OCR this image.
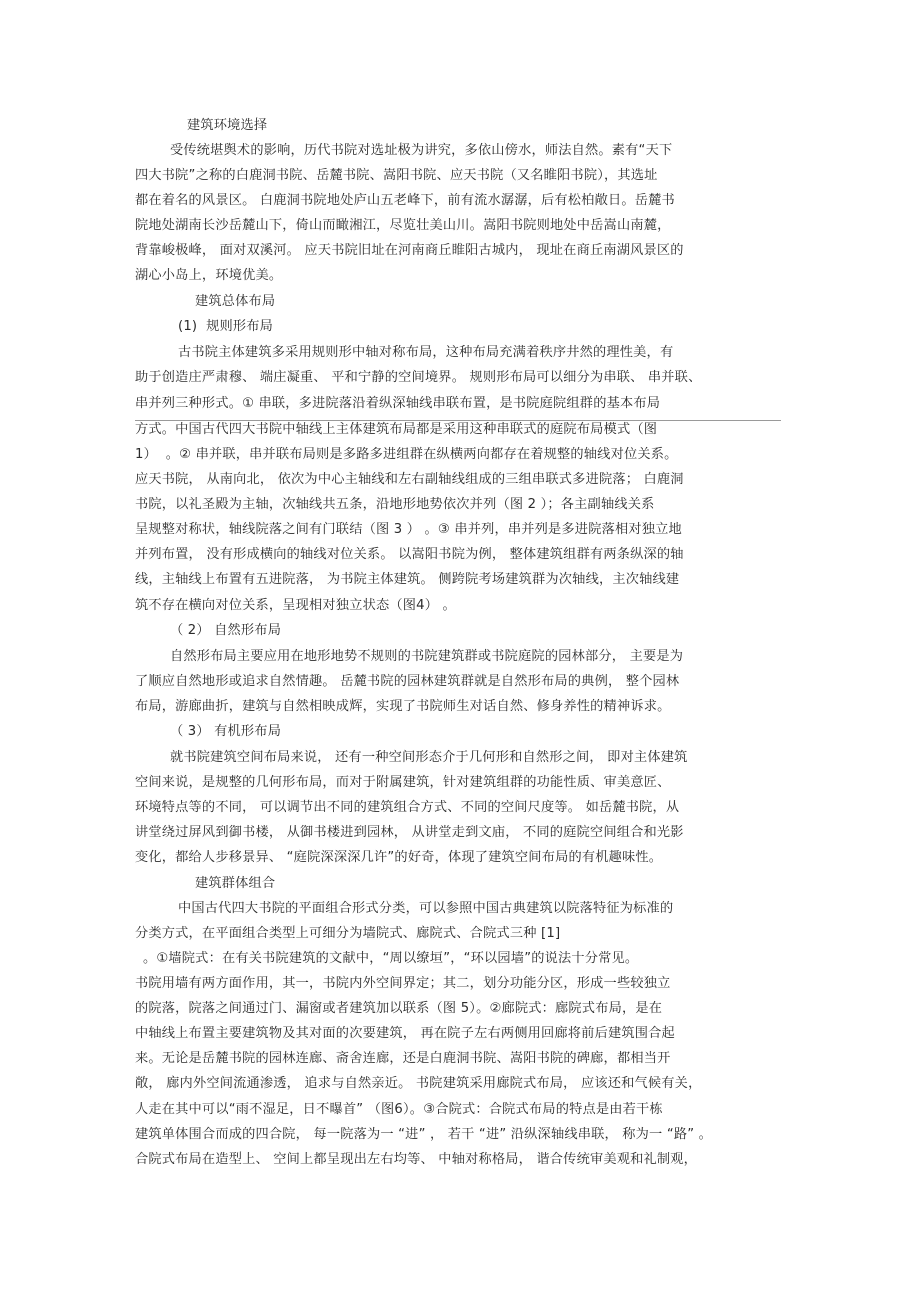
建筑环境选择
受传统堪舆术的影响，历代书院对选址极为讲究，多依山傍水，师法自然。素有“天下
四大书院”之称的白鹿洞书院、岳麓书院、嵩阳书院、应天书院（又名睢阳书院），其选址
都在着名的风景区。 白鹿洞书院地处庐山五老峰下，前有流水潺潺，后有松柏敞日。岳麓书
院地处湖南长沙岳麓山下，倚山而瞰湘江，尽览壮美山川。嵩阳书院则地处中岳嵩山南麓，
背靠峻极峰， 面对双溪河。 应天书院旧址在河南商丘睢阳古城内， 现址在商丘南湖风景区的
湖心小岛上，环境优美。
建筑总体布局
(1)  规则形布局
古书院主体建筑多采用规则形中轴对称布局，这种布局充满着秩序井然的理性美，有
助于创造庄严肃穆、 端庄凝重、 平和宁静的空间境界。 规则形布局可以细分为串联、 串并联、
串并列三种形式。① 串联，多进院落沿着纵深轴线串联布置，是书院庭院组群的基本布局
方式。中国古代四大书院中轴线上主体建筑布局都是采用这种串联式的庭院布局模式（图
1）  。② 串并联，串并联布局则是多路多进组群在纵横两向都存在着规整的轴线对位关系。
应天书院， 从南向北， 依次为中心主轴线和左右副轴线组成的三组串联式多进院落； 白鹿洞
书院，以礼圣殿为主轴，次轴线共五条，沿地形地势依次并列（图 2 ）；各主副轴线关系
呈规整对称状，轴线院落之间有门联结（图 3 ） 。③ 串并列，串并列是多进院落相对独立地
并列布置， 没有形成横向的轴线对位关系。 以嵩阳书院为例， 整体建筑组群有两条纵深的轴
线，主轴线上布置有五进院落， 为书院主体建筑。 侧跨院考场建筑群为次轴线，主次轴线建
筑不存在横向对位关系，呈现相对独立状态（图4） 。
（ 2） 自然形布局
自然形布局主要应用在地形地势不规则的书院建筑群或书院庭院的园林部分， 主要是为
了顺应自然地形或追求自然情趣。 岳麓书院的园林建筑群就是自然形布局的典例， 整个园林
布局，游廊曲折，建筑与自然相映成辉，实现了书院师生对话自然、修身养性的精神诉求。
（ 3） 有机形布局
就书院建筑空间布局来说， 还有一种空间形态介于几何形和自然形之间， 即对主体建筑
空间来说，是规整的几何形布局，而对于附属建筑，针对建筑组群的功能性质、审美意匠、
环境特点等的不同， 可以调节出不同的建筑组合方式、不同的空间尺度等。 如岳麓书院，从
讲堂绕过屏风到御书楼， 从御书楼进到园林， 从讲堂走到文庙， 不同的庭院空间组合和光影
变化，都给人步移景异、 “庭院深深深几许”的好奇，体现了建筑空间布局的有机趣味性。
建筑群体组合
中国古代四大书院的平面组合形式分类，可以参照中国古典建筑以院落特征为标准的
分类方式，在平面组合类型上可细分为墙院式、廊院式、合院式三种 [1]
。①墙院式：在有关书院建筑的文献中，“周以缭垣”，“环以园墙”的说法十分常见。
书院用墙有两方面作用，其一，书院内外空间界定；其二，划分功能分区，形成一些较独立
的院落，院落之间通过门、漏窗或者建筑加以联系（图 5）。②廊院式：廊院式布局，是在
中轴线上布置主要建筑物及其对面的次要建筑， 再在院子左右两侧用回廊将前后建筑围合起
来。无论是岳麓书院的园林连廊、斋舍连廊，还是白鹿洞书院、嵩阳书院的碑廊，都相当开
敞， 廊内外空间流通渗透， 追求与自然亲近。 书院建筑采用廊院式布局， 应该还和气候有关，
人走在其中可以“雨不湿足，日不曝首” （图6）。③合院式：合院式布局的特点是由若干栋
建筑单体围合而成的四合院， 每一院落为一 “进” ， 若干 “进” 沿纵深轴线串联， 称为一 “路” 。
合院式布局在造型上、 空间上都呈现出左右均等、 中轴对称格局， 谐合传统审美观和礼制观，
